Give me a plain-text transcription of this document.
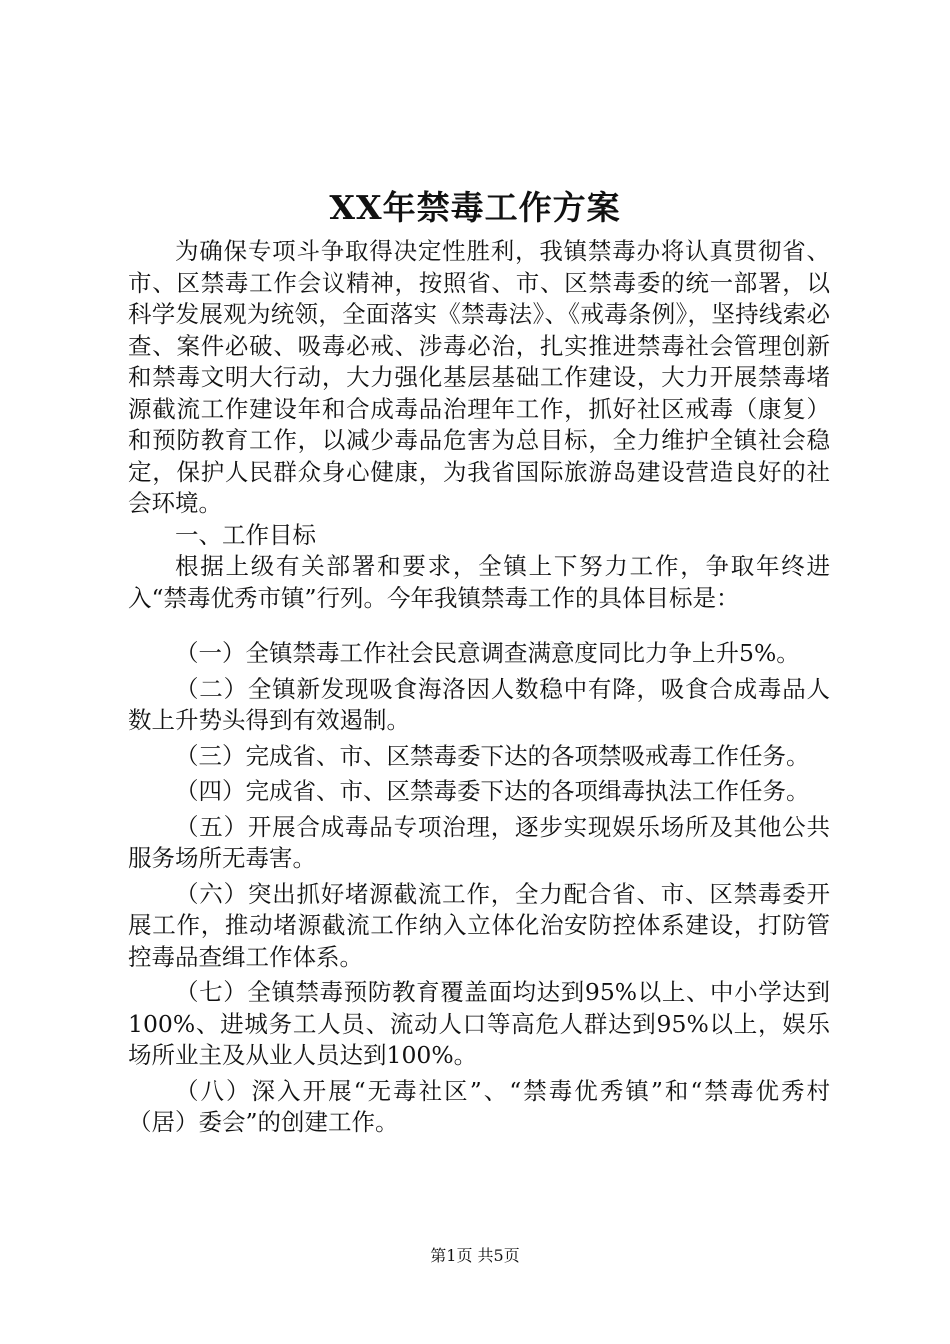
XX年禁毒工作方案

为确保专项斗争取得决定性胜利，我镇禁毒办将认真贯彻省、市、区禁毒工作会议精神，按照省、市、区禁毒委的统一部署，以科学发展观为统领，全面落实《禁毒法》、《戒毒条例》，坚持线索必查、案件必破、吸毒必戒、涉毒必治，扎实推进禁毒社会管理创新和禁毒文明大行动，大力强化基层基础工作建设，大力开展禁毒堵源截流工作建设年和合成毒品治理年工作，抓好社区戒毒（康复）和预防教育工作，以减少毒品危害为总目标，全力维护全镇社会稳定，保护人民群众身心健康，为我省国际旅游岛建设营造良好的社会环境。

一、工作目标

根据上级有关部署和要求，全镇上下努力工作，争取年终进入“禁毒优秀市镇”行列。今年我镇禁毒工作的具体目标是：

（一）全镇禁毒工作社会民意调查满意度同比力争上升5%。

（二）全镇新发现吸食海洛因人数稳中有降，吸食合成毒品人数上升势头得到有效遏制。

（三）完成省、市、区禁毒委下达的各项禁吸戒毒工作任务。

（四）完成省、市、区禁毒委下达的各项缉毒执法工作任务。

（五）开展合成毒品专项治理，逐步实现娱乐场所及其他公共服务场所无毒害。

（六）突出抓好堵源截流工作，全力配合省、市、区禁毒委开展工作，推动堵源截流工作纳入立体化治安防控体系建设，打防管控毒品查缉工作体系。

（七）全镇禁毒预防教育覆盖面均达到95%以上、中小学达到100%、进城务工人员、流动人口等高危人群达到95%以上，娱乐场所业主及从业人员达到100%。

（八）深入开展“无毒社区”、“禁毒优秀镇”和“禁毒优秀村（居）委会”的创建工作。

第1页 共5页
